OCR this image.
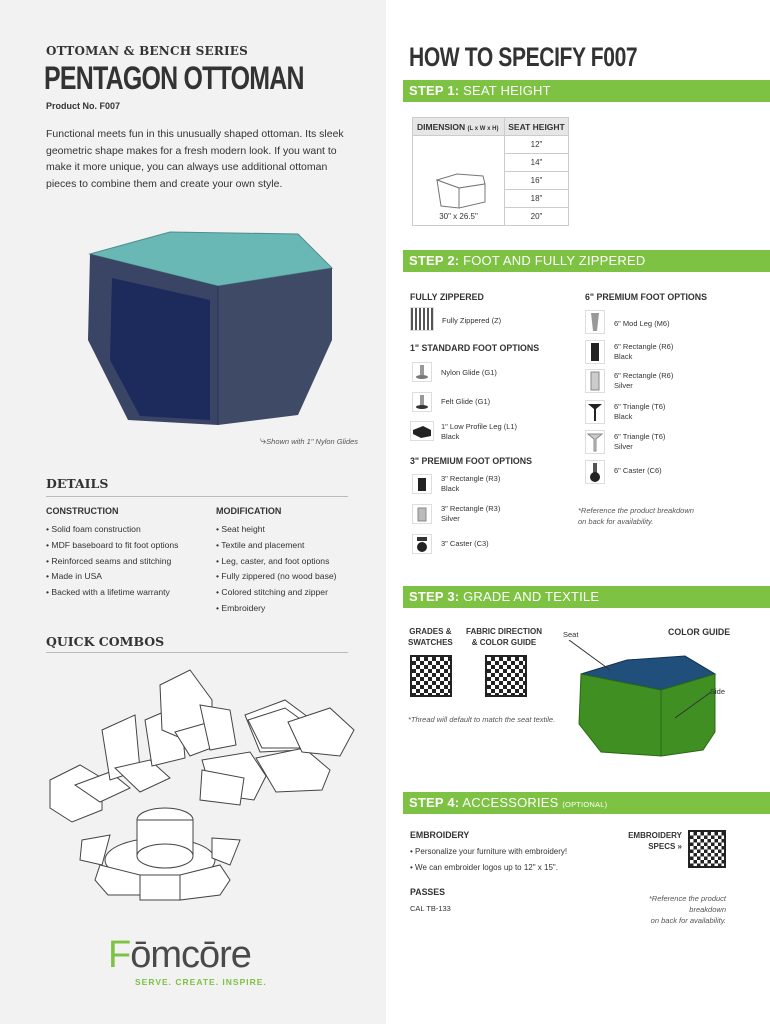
OTTOMAN & BENCH SERIES
PENTAGON OTTOMAN
Product No. F007
Functional meets fun in this unusually shaped ottoman. Its sleek geometric shape makes for a fresh modern look. If you want to make it more unique, you can always use additional ottoman pieces to combine them and create your own style.
⤷Shown with 1" Nylon Glides
DETAILS
CONSTRUCTION
• Solid foam construction
• MDF baseboard to fit foot options
• Reinforced seams and stitching
• Made in USA
• Backed with a lifetime warranty
MODIFICATION
• Seat height
• Textile and placement
• Leg, caster, and foot options
• Fully zippered (no wood base)
• Colored stitching and zipper
• Embroidery
QUICK COMBOS
Fōmcōre
SERVE. CREATE. INSPIRE.
HOW TO SPECIFY F007
STEP 1: SEAT HEIGHT
DIMENSION (L x W x H)	SEAT HEIGHT

30" x 26.5"	12"
	14"
	16"
	18"
	20"
STEP 2: FOOT AND FULLY ZIPPERED
FULLY ZIPPERED
Fully Zippered (Z)
1" STANDARD FOOT OPTIONS
Nylon Glide (G1)
Felt Glide (G1)
1" Low Profile Leg (L1)
Black
3" PREMIUM FOOT OPTIONS
3" Rectangle (R3)
Black
3" Rectangle (R3)
Silver
3" Caster (C3)
6" PREMIUM FOOT OPTIONS
6" Mod Leg (M6)
6" Rectangle (R6)
Black
6" Rectangle (R6)
Silver
6" Triangle (T6)
Black
6" Triangle (T6)
Silver
6" Caster (C6)
*Reference the product breakdown
on back for availability.
STEP 3: GRADE AND TEXTILE
GRADES &
SWATCHES
FABRIC DIRECTION
& COLOR GUIDE
*Thread will default to match the seat textile.
COLOR GUIDE
Seat
Side
STEP 4: ACCESSORIES (OPTIONAL)
EMBROIDERY
• Personalize your furniture with embroidery!
• We can embroider logos up to 12" x 15".
PASSES
CAL TB-133
EMBROIDERY
SPECS »
*Reference the product breakdown
on back for availability.
